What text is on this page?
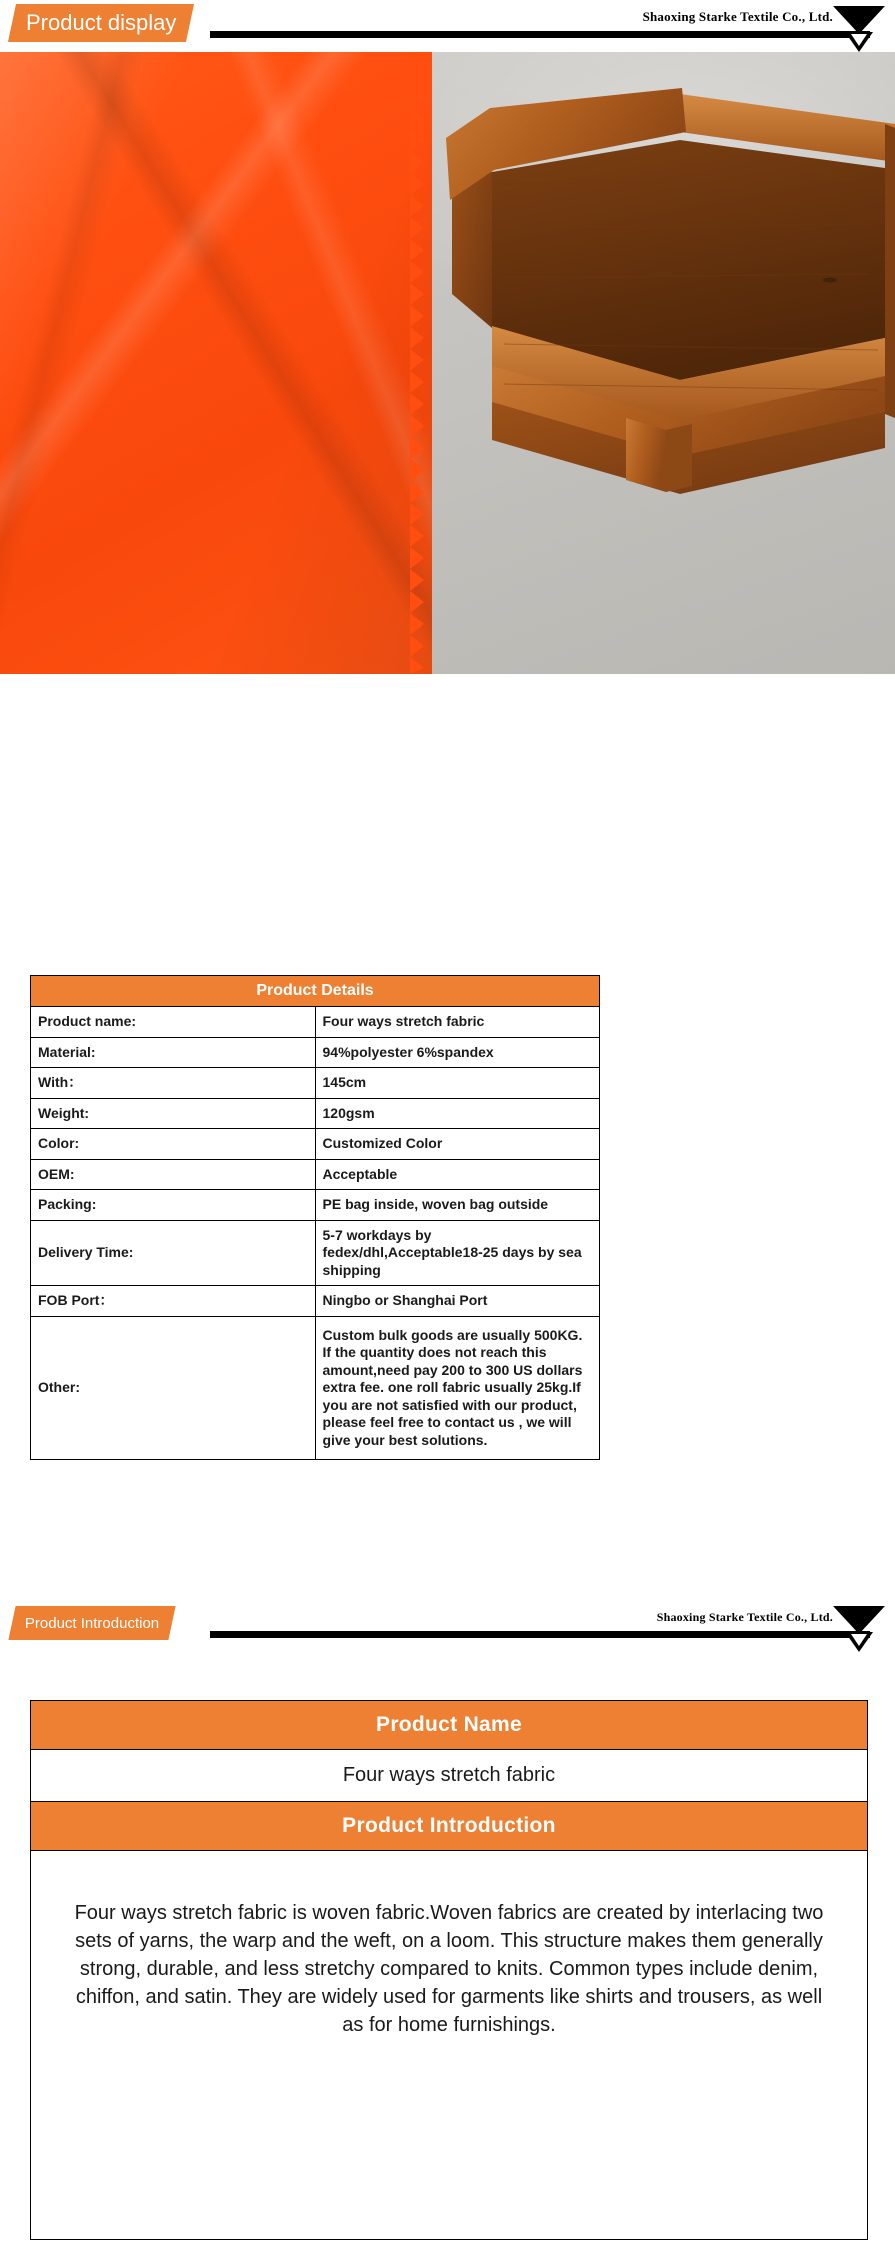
Product display	Shaoxing Starke Textile Co., Ltd.
Product Details	
Product name:	Four ways stretch fabric
Material:	94%polyester 6%spandex
With：	145cm
Weight:	120gsm
Color:	Customized Color
OEM:	Acceptable
Packing:	PE bag inside, woven bag outside
Delivery Time:	5-7 workdays by fedex/dhl,Acceptable18-25 days by sea shipping
FOB Port：	Ningbo or Shanghai Port
Other:	Custom bulk goods are usually 500KG. If the quantity does not reach this amount,need pay 200 to 300 US dollars extra fee. one roll fabric usually 25kg.If you are not satisfied with our product, please feel free to contact us , we will give your best solutions.
Product Introduction	Shaoxing Starke Textile Co., Ltd.
Product Name
Four ways stretch fabric
Product Introduction
Four ways stretch fabric is woven fabric.Woven fabrics are created by interlacing two sets of yarns, the warp and the weft, on a loom. This structure makes them generally strong, durable, and less stretchy compared to knits. Common types include denim, chiffon, and satin. They are widely used for garments like shirts and trousers, as well as for home furnishings.
